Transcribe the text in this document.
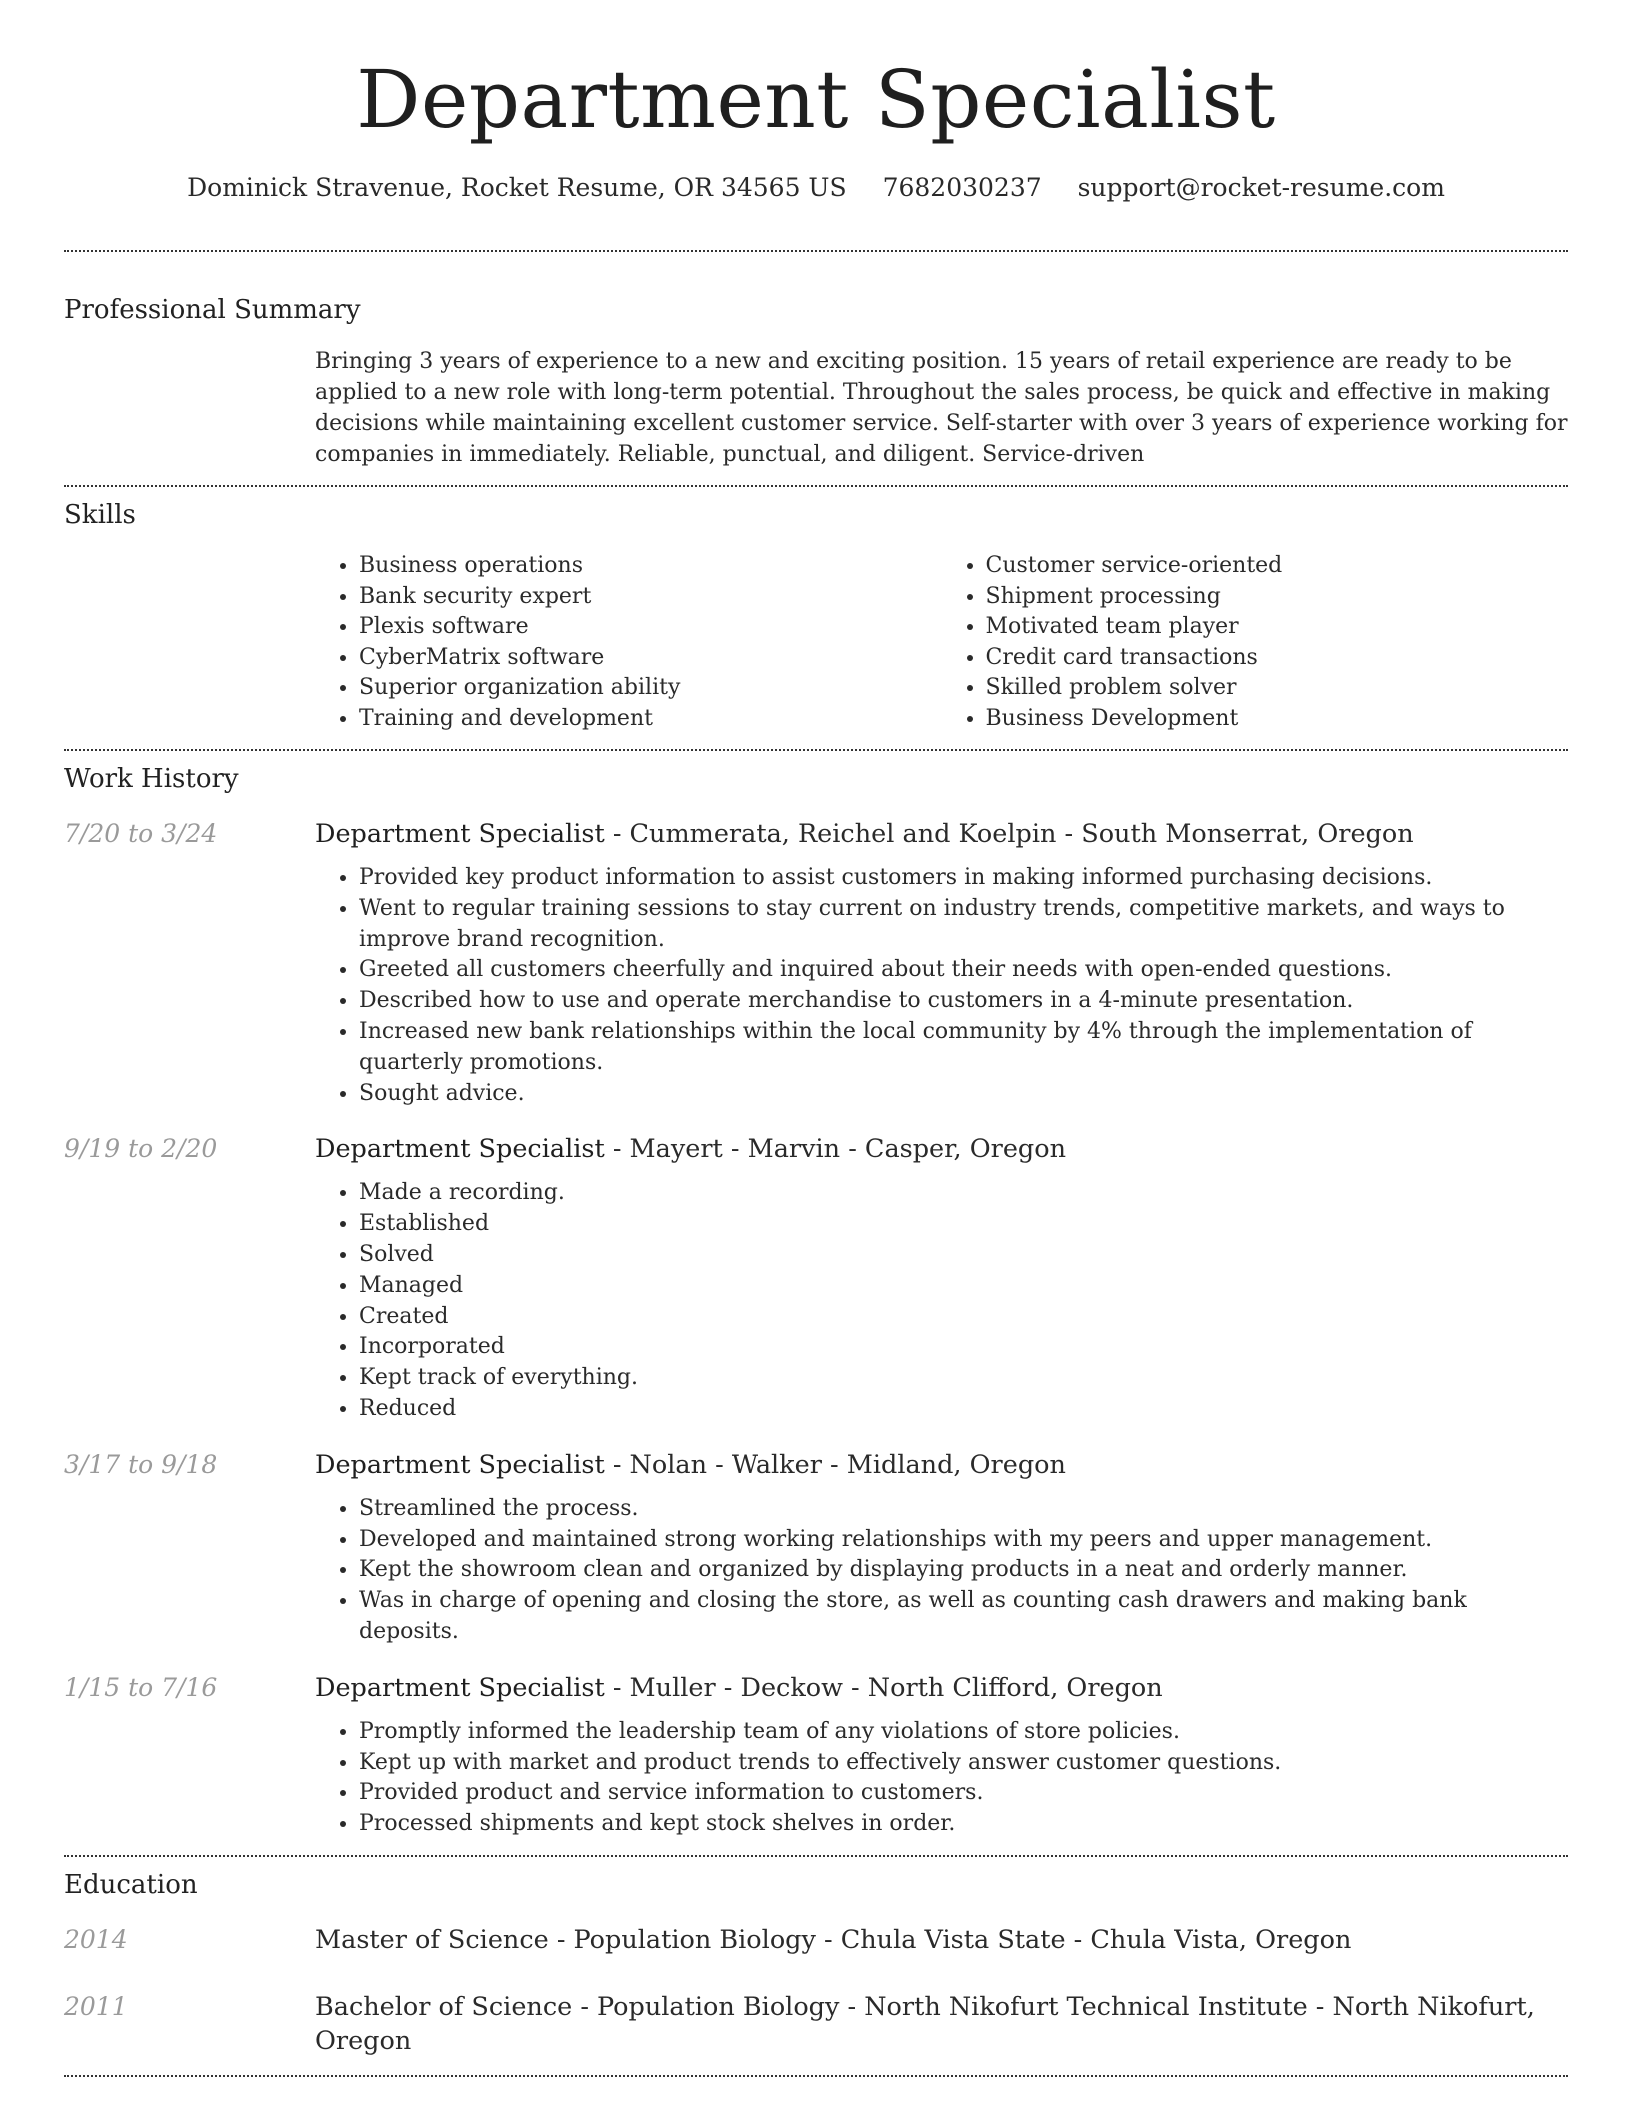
Department Specialist
Dominick Stravenue, Rocket Resume, OR 34565 US 7682030237 support@rocket-resume.com
Professional Summary

Bringing 3 years of experience to a new and exciting position. 15 years of retail experience are ready to be applied to a new role with long-term potential. Throughout the sales process, be quick and effective in making decisions while maintaining excellent customer service. Self-starter with over 3 years of experience working for companies in immediately. Reliable, punctual, and diligent. Service-driven

Skills
• Business operations
• Bank security expert
• Plexis software
• CyberMatrix software
• Superior organization ability
• Training and development
• Customer service-oriented
• Shipment processing
• Motivated team player
• Credit card transactions
• Skilled problem solver
• Business Development
Work History
7/20 to 3/24	Department Specialist - Cummerata, Reichel and Koelpin - South Monserrat, Oregon
• Provided key product information to assist customers in making informed purchasing decisions.
• Went to regular training sessions to stay current on industry trends, competitive markets, and ways to improve brand recognition.
• Greeted all customers cheerfully and inquired about their needs with open-ended questions.
• Described how to use and operate merchandise to customers in a 4-minute presentation.
• Increased new bank relationships within the local community by 4% through the implementation of quarterly promotions.
• Sought advice.
9/19 to 2/20	Department Specialist - Mayert - Marvin - Casper, Oregon
• Made a recording.
• Established
• Solved
• Managed
• Created
• Incorporated
• Kept track of everything.
• Reduced
3/17 to 9/18	Department Specialist - Nolan - Walker - Midland, Oregon
• Streamlined the process.
• Developed and maintained strong working relationships with my peers and upper management.
• Kept the showroom clean and organized by displaying products in a neat and orderly manner.
• Was in charge of opening and closing the store, as well as counting cash drawers and making bank deposits.
1/15 to 7/16	Department Specialist - Muller - Deckow - North Clifford, Oregon
• Promptly informed the leadership team of any violations of store policies.
• Kept up with market and product trends to effectively answer customer questions.
• Provided product and service information to customers.
• Processed shipments and kept stock shelves in order.
Education
2014	Master of Science - Population Biology - Chula Vista State - Chula Vista, Oregon
2011	Bachelor of Science - Population Biology - North Nikofurt Technical Institute - North Nikofurt, Oregon
